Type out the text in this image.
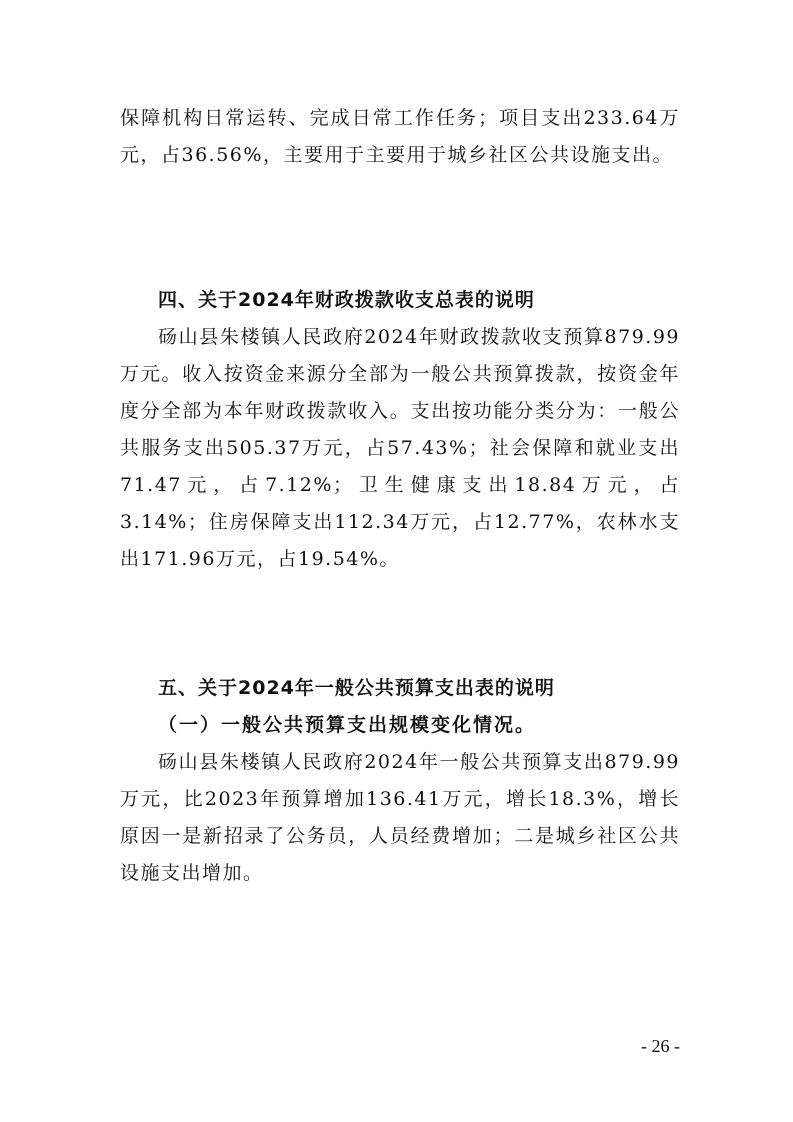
保障机构日常运转、完成日常工作任务；项目支出233.64万元，占36.56%，主要用于主要用于城乡社区公共设施支出。

四、关于2024年财政拨款收支总表的说明

砀山县朱楼镇人民政府2024年财政拨款收支预算879.99万元。收入按资金来源分全部为一般公共预算拨款，按资金年度分全部为本年财政拨款收入。支出按功能分类分为：一般公共服务支出505.37万元，占57.43%；社会保障和就业支出71.47元，占7.12%；卫生健康支出18.84万元，占3.14%；住房保障支出112.34万元，占12.77%，农林水支出171.96万元，占19.54%。

五、关于2024年一般公共预算支出表的说明
（一）一般公共预算支出规模变化情况。

砀山县朱楼镇人民政府2024年一般公共预算支出879.99万元，比2023年预算增加136.41万元，增长18.3%，增长原因一是新招录了公务员，人员经费增加；二是城乡社区公共设施支出增加。

- 26 -
